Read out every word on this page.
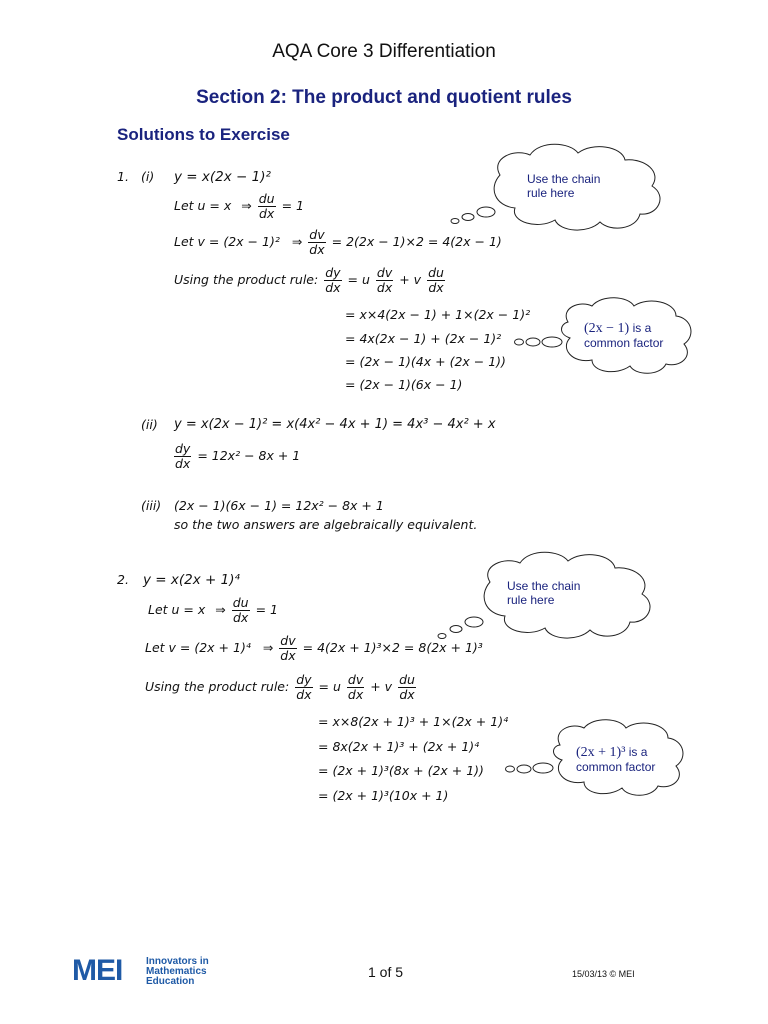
AQA Core 3 Differentiation
Section 2: The product and quotient rules
Solutions to Exercise
1. (i) y = x(2x − 1)²
Let u = x ⇒ $\frac{du}{dx} = 1$
Let v = (2x − 1)² ⇒ $\frac{dv}{dx} = 2(2x - 1)\times 2 = 4(2x - 1)$
Using the product rule: $\frac{dy}{dx} = u \frac{dv}{dx} + v \frac{du}{dx}$
= x×4(2x − 1) + 1×(2x − 1)²
= 4x(2x − 1) + (2x − 1)²
= (2x − 1)(4x + (2x − 1))
= (2x − 1)(6x − 1)
(ii) y = x(2x − 1)² = x(4x² − 4x + 1) = 4x³ − 4x² + x
$\frac{dy}{dx} = 12x^2 - 8x + 1$
(iii) (2x − 1)(6x − 1) = 12x² − 8x + 1
so the two answers are algebraically equivalent.
2. y = x(2x + 1)⁴
Let u = x ⇒ $\frac{du}{dx} = 1$
Let v = (2x + 1)⁴ ⇒ $\frac{dv}{dx} = 4(2x + 1)^3\times 2 = 8(2x + 1)^3$
Using the product rule: $\frac{dy}{dx} = u \frac{dv}{dx} + v \frac{du}{dx}$
= x×8(2x + 1)³ + 1×(2x + 1)⁴
= 8x(2x + 1)³ + (2x + 1)⁴
= (2x + 1)³(8x + (2x + 1))
= (2x + 1)³(10x + 1)
Use the chain
rule here
(2x − 1) is a
common factor
Use the chain
rule here
(2x + 1)³ is a
common factor
MEI Innovators in
Mathematics
Education
1 of 5	15/03/13 © MEI
